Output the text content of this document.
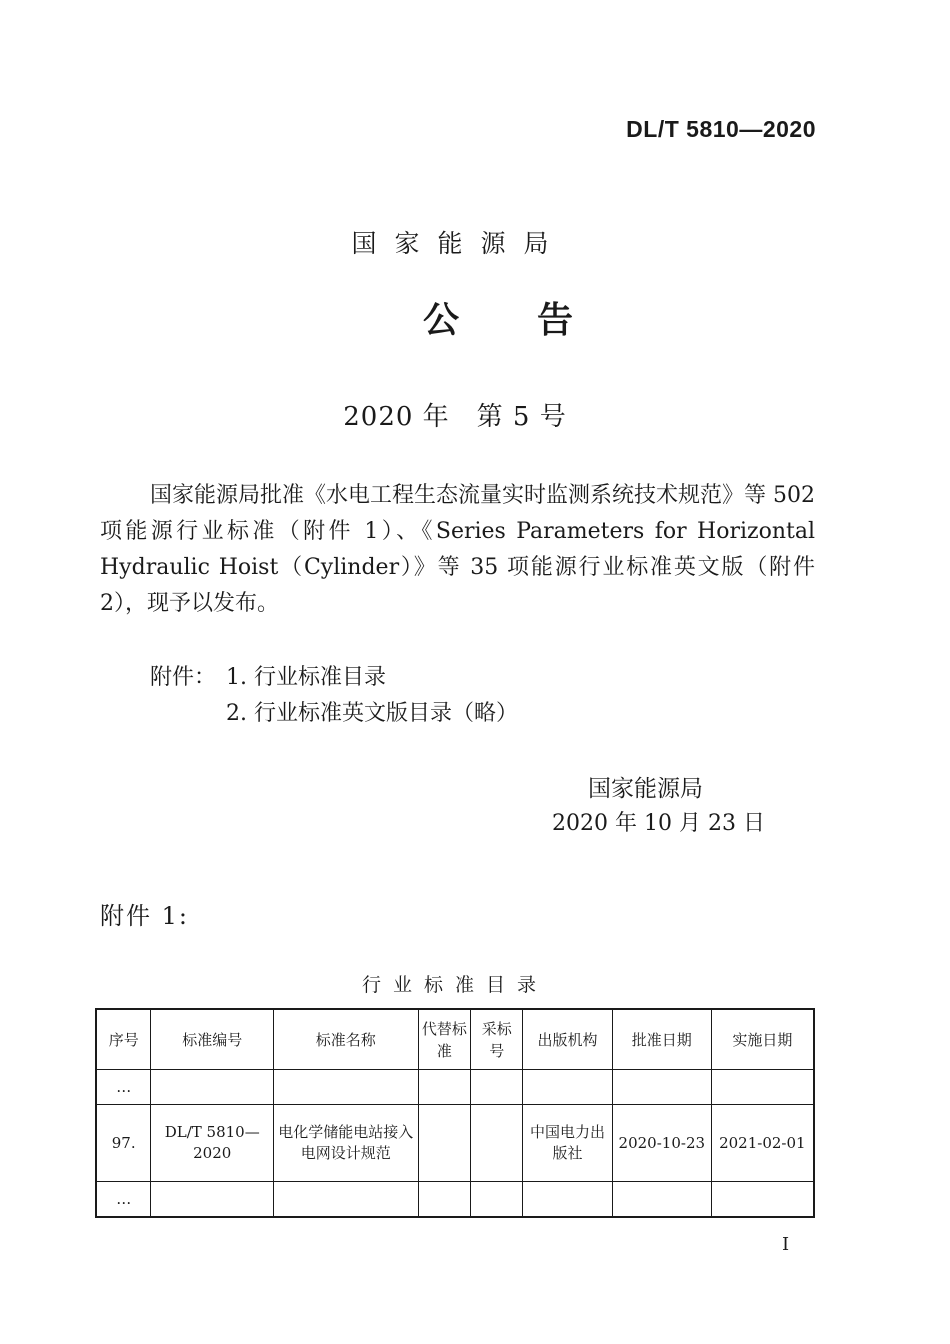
DL/T 5810—2020
国家能源局
公告
2020 年　第 5 号

国家能源局批准《水电工程生态流量实时监测系统技术规范》等 502 项能源行业标准（附件 1）、《Series Parameters for Horizontal Hydraulic Hoist（Cylinder）》等 35 项能源行业标准英文版（附件 2），现予以发布。

附件： 1. 行业标准目录
2. 行业标准英文版目录（略）
国家能源局
2020 年 10 月 23 日
附件 1:
行业标准目录
序号	标准编号	标准名称	代替标准	采标号	出版机构	批准日期	实施日期
…							
97.	DL/T 5810—2020	电化学储能电站接入电网设计规范			中国电力出版社	2020-10-23	2021-02-01
…							
I
